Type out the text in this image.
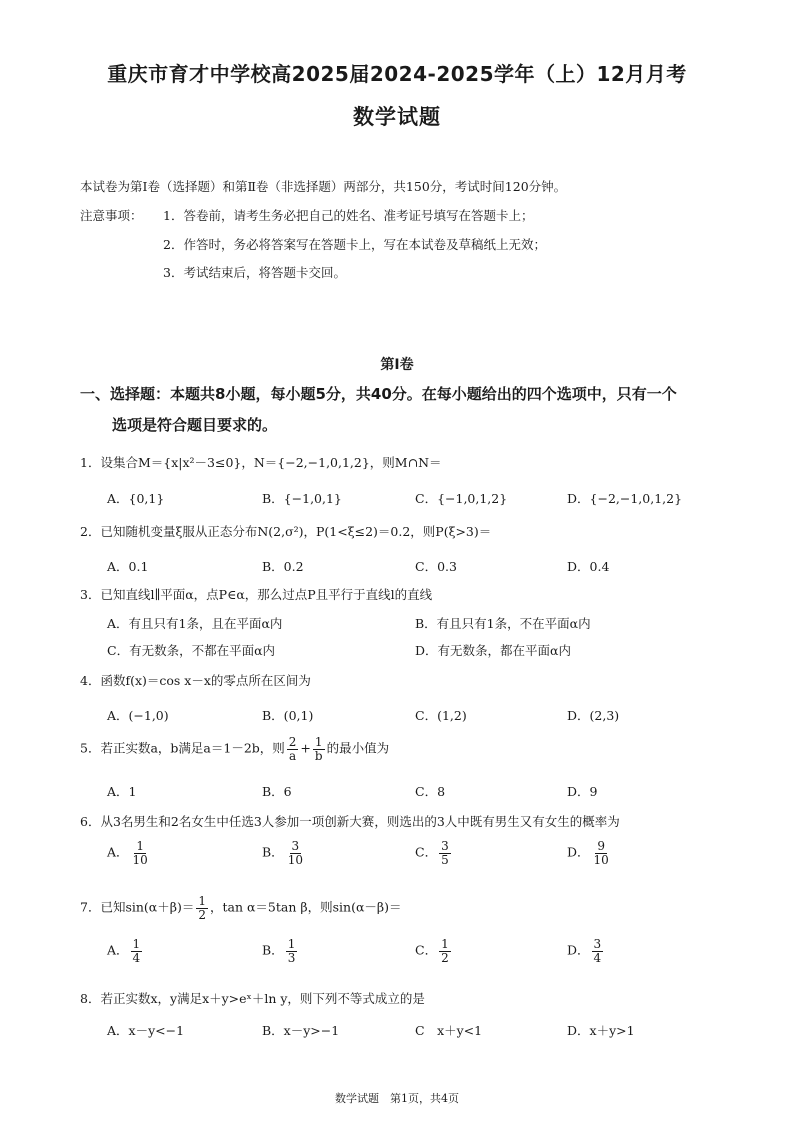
重庆市育才中学校高2025届2024-2025学年（上）12月月考
数学试题
本试卷为第Ⅰ卷（选择题）和第Ⅱ卷（非选择题）两部分，共150分，考试时间120分钟。
注意事项： 1．答卷前，请考生务必把自己的姓名、准考证号填写在答题卡上；
2．作答时，务必将答案写在答题卡上，写在本试卷及草稿纸上无效；
3．考试结束后，将答题卡交回。
第Ⅰ卷
一、选择题：本题共8小题，每小题5分，共40分。在每小题给出的四个选项中，只有一个
选项是符合题目要求的。
1．设集合M＝{x|x²－3≤0}，N＝{−2,−1,0,1,2}，则M∩N＝
A．{0,1}	B．{−1,0,1}	C．{−1,0,1,2}	D．{−2,−1,0,1,2}
2．已知随机变量ξ服从正态分布N(2,σ²)，P(1<ξ≤2)＝0.2，则P(ξ>3)＝
A．0.1	B．0.2	C．0.3	D．0.4
3．已知直线l∥平面α，点P∈α，那么过点P且平行于直线l的直线
A．有且只有1条，且在平面α内	B．有且只有1条，不在平面α内
C．有无数条，不都在平面α内	D．有无数条，都在平面α内
4．函数f(x)＝cos x－x的零点所在区间为
A．(−1,0)	B．(0,1)	C．(1,2)	D．(2,3)
5．若正实数a，b满足a＝1－2b，则 $\frac{2}{a} + \frac{1}{b}$ 的最小值为
A．1	B．6	C．8	D．9
6．从3名男生和2名女生中任选3人参加一项创新大赛，则选出的3人中既有男生又有女生的概率为
A． $\frac{1}{10}$	B． $\frac{3}{10}$	C． $\frac{3}{5}$	D． $\frac{9}{10}$
7．已知$\sin(\alpha+\beta)= \frac{1}{2}$ ，tan α＝5tan β，则sin(α－β)＝
A． $\frac{1}{4}$	B． $\frac{1}{3}$	C． $\frac{1}{2}$	D． $\frac{3}{4}$
8．若正实数x，y满足x＋y>eˣ＋ln y，则下列不等式成立的是
A．x－y<−1	B．x－y>−1	C　x＋y<1	D．x＋y>1
数学试题　第1页，共4页
